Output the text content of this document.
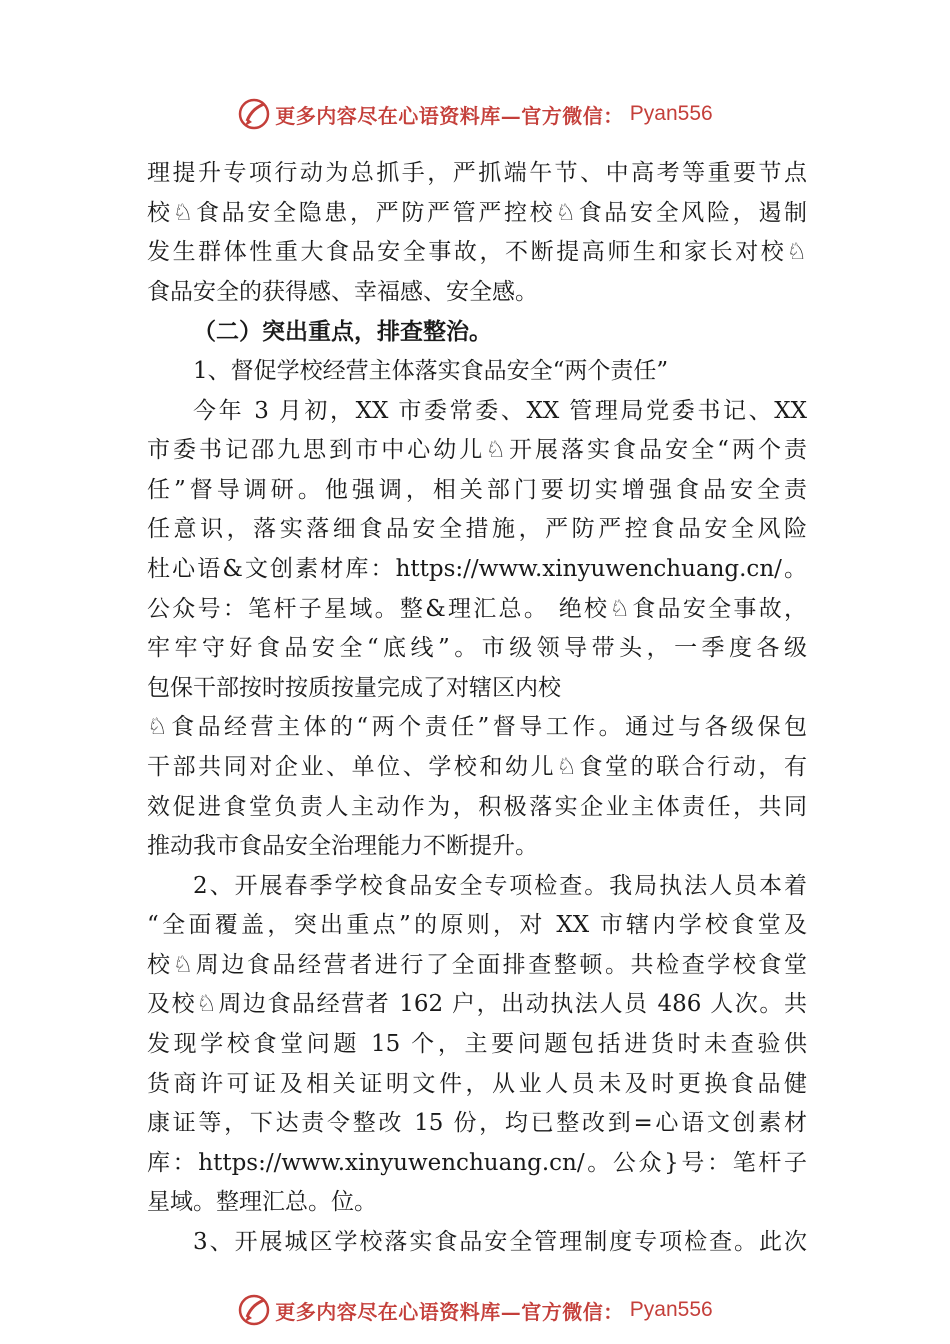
更多内容尽在心语资料库—官方微信： Pyan556
理提升专项行动为总抓手，严抓端午节、中高考等重要节点
校♘食品安全隐患，严防严管严控校♘食品安全风险，遏制
发生群体性重大食品安全事故，不断提高师生和家长对校♘
食品安全的获得感、幸福感、安全感。
（二）突出重点，排查整治。
1、督促学校经营主体落实食品安全“两个责任”
今年 3 月初，XX 市委常委、XX 管理局党委书记、XX
市委书记邵九思到市中心幼儿♘开展落实食品安全“两个责
任”督导调研。他强调，相关部门要切实增强食品安全责
任意识，落实落细食品安全措施，严防严控食品安全风险
杜心语&文创素材库：https://www.xinyuwenchuang.cn/。
公众号：笔杆子星域。整&理汇总。 绝校♘食品安全事故，
牢牢守好食品安全“底线”。市级领导带头，一季度各级
包保干部按时按质按量完成了对辖区内校
♘食品经营主体的“两个责任”督导工作。通过与各级保包
干部共同对企业、单位、学校和幼儿♘食堂的联合行动，有
效促进食堂负责人主动作为，积极落实企业主体责任，共同
推动我市食品安全治理能力不断提升。
2、开展春季学校食品安全专项检查。我局执法人员本着
“全面覆盖，突出重点”的原则，对 XX 市辖内学校食堂及
校♘周边食品经营者进行了全面排查整顿。共检查学校食堂
及校♘周边食品经营者 162 户，出动执法人员 486 人次。共
发现学校食堂问题 15 个，主要问题包括进货时未查验供
货商许可证及相关证明文件，从业人员未及时更换食品健
康证等，下达责令整改 15 份，均已整改到=心语文创素材
库：https://www.xinyuwenchuang.cn/。公众}号：笔杆子
星域。整理汇总。位。
3、开展城区学校落实食品安全管理制度专项检查。此次
更多内容尽在心语资料库—官方微信： Pyan556
